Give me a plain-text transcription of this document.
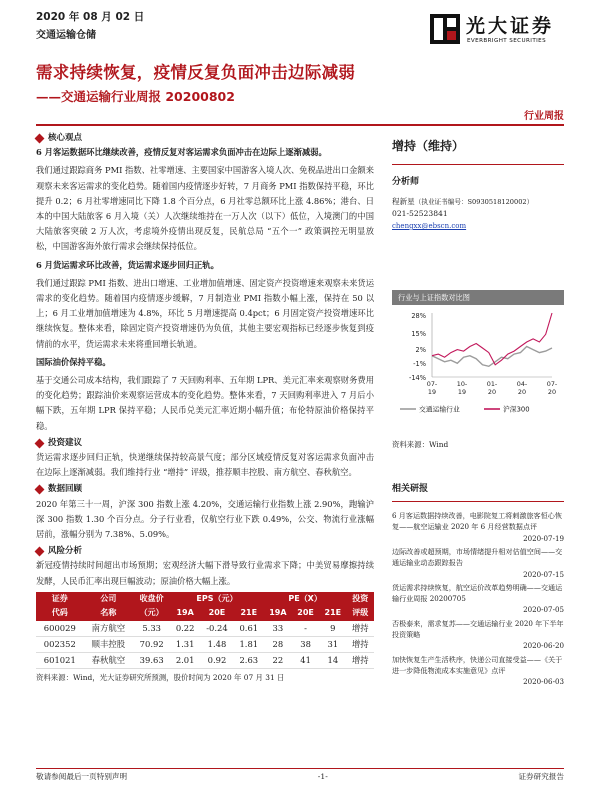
2020 年 08 月 02 日
交通运输仓储	光大证券
EVERBRIGHT SECURITIES
需求持续恢复，疫情反复负面冲击边际减弱
——交通运输行业周报 20200802
行业周报
核心观点
6 月客运数据环比继续改善，疫情反复对客运需求负面冲击在边际上逐渐减弱。
我们通过跟踪商务 PMI 指数、社零增速、主要国家中国游客入境人次、免税品进出口金额来观察未来客运需求的变化趋势。随着国内疫情逐步好转，7 月商务 PMI 指数保持平稳，环比提升 0.2；6 月社零增速同比下降 1.8 个百分点，6 月社零总额环比上涨 4.86%；港台、日本的中国大陆旅客 6 月入境（关）人次继续维持在一万人次（以下）低位，入境澳门的中国大陆旅客突破 2 万人次，考虑境外疫情出现反复，民航总局 “五个一” 政策调控无明显放松，中国游客海外旅行需求会继续保持低位。
6 月货运需求环比改善，货运需求逐步回归正轨。
我们通过跟踪 PMI 指数、进出口增速、工业增加值增速、固定资产投资增速来观察未来货运需求的变化趋势。随着国内疫情逐步缓解，7 月制造业 PMI 指数小幅上涨，保持在 50 以上；6 月工业增加值增速为 4.8%，环比 5 月增速提高 0.4pct；6 月固定资产投资增速环比继续恢复。整体来看，除固定资产投资增速仍为负值，其他主要宏观指标已经逐步恢复到疫情前的水平，货运需求未来将重回增长轨道。
国际油价保持平稳。
基于交通公司成本结构，我们跟踪了 7 天回购利率、五年期 LPR、美元汇率来观察财务费用的变化趋势；跟踪油价来观察运营成本的变化趋势。整体来看，7 天回购利率进入 7 月后小幅下跌，五年期 LPR 保持平稳；人民币兑美元汇率近期小幅升值；布伦特原油价格保持平稳。
投资建议
货运需求逐步回归正轨，快递继续保持较高景气度；部分区域疫情反复对客运需求负面冲击在边际上逐渐减弱。我们维持行业 “增持” 评级，推荐顺丰控股、南方航空、春秋航空。
数据回顾
2020 年第三十一周，沪深 300 指数上涨 4.20%，交通运输行业指数上涨 2.90%，跑输沪深 300 指数 1.30 个百分点。分子行业看，仅航空行业下跌 0.49%，公交、物流行业涨幅居前，涨幅分别为 7.38%、5.09%。
风险分析
新冠疫情持续时间超出市场预期；宏观经济大幅下滑导致行业需求下降；中美贸易摩擦持续发酵，人民币汇率出现巨幅波动；原油价格大幅上涨。
证券	公司	收盘价	EPS（元）			PE（X）			投资
代码	名称	（元）	19A	20E	21E	19A	20E	21E	评级
600029	南方航空	5.33	0.22	-0.24	0.61	33	-	9	增持
002352	顺丰控股	70.92	1.31	1.48	1.81	28	38	31	增持
601021	春秋航空	39.63	2.01	0.92	2.63	22	41	14	增持
资料来源：Wind，光大证券研究所预测，股价时间为 2020 年 07 月 31 日
增持（维持）
分析师
程新星（执业证书编号：S0930518120002）
021-52523841
chengxx@ebscn.com
行业与上证指数对比图
28%
15%
2%
-1%
-14%
07-
19
10-
19
01-
20
04-
20
07-
20
交通运输行业	沪深300
资料来源：Wind
相关研报
6 月客运数据持续改善，电影院复工将刺激旅客恒心恢复——航空运输业 2020 年 6 月经营数据点评
2020-07-19
边际改善或超预期，市场情绪提升相对估值空间——交通运输业动态跟踪报告
2020-07-15
货运需求持续恢复，航空运价改革趋势明确——交通运输行业周报 20200705
2020-07-05
否极泰来，需求复苏——交通运输行业 2020 年下半年投资策略
2020-06-20
加快恢复生产生活秩序，快递公司直接受益——《关于进一步降低物流成本实施意见》点评
2020-06-03
敬请参阅最后一页特别声明	-1-	证券研究报告
